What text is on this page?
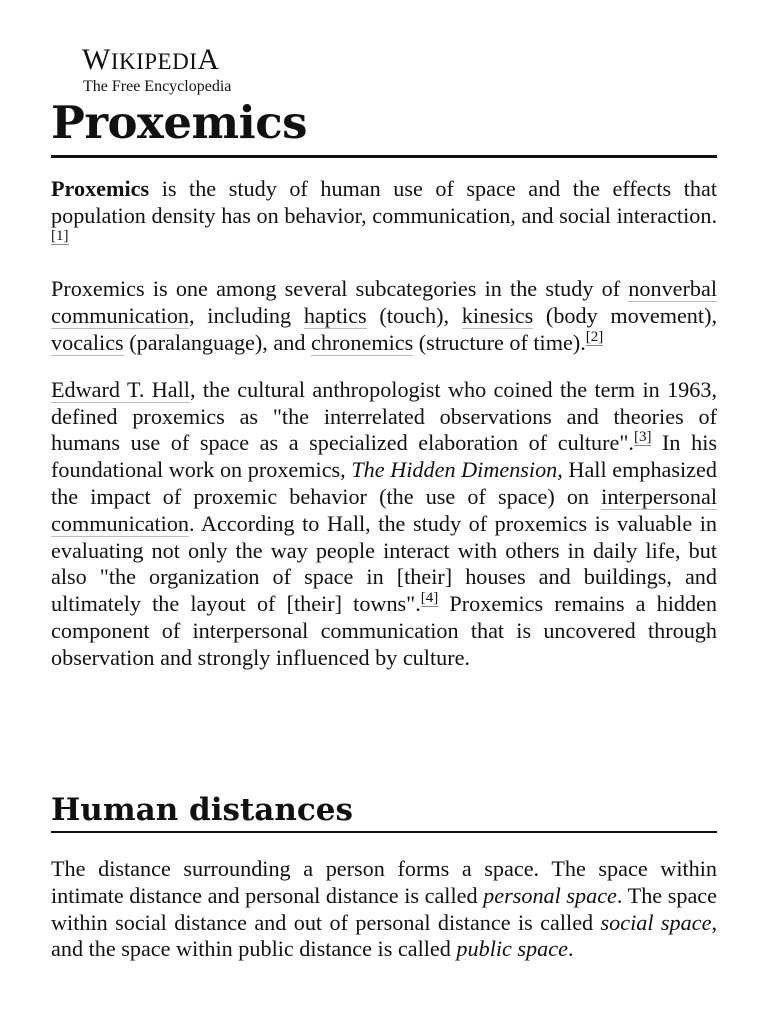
WIKIPEDIA
The Free Encyclopedia
Proxemics

Proxemics is the study of human use of space and the effects that population density has on behavior, communication, and social interaction.[1]

Proxemics is one among several subcategories in the study of nonverbal communication, including haptics (touch), kinesics (body movement), vocalics (paralanguage), and chronemics (structure of time).[2]

Edward T. Hall, the cultural anthropologist who coined the term in 1963, defined proxemics as "the interrelated observations and theories of humans use of space as a specialized elaboration of culture".[3] In his foundational work on proxemics, The Hidden Dimension, Hall emphasized the impact of proxemic behavior (the use of space) on interpersonal communication. According to Hall, the study of proxemics is valuable in evaluating not only the way people interact with others in daily life, but also "the organization of space in [their] houses and buildings, and ultimately the layout of [their] towns".[4] Proxemics remains a hidden component of interpersonal communication that is uncovered through observation and strongly influenced by culture.

Human distances

The distance surrounding a person forms a space. The space within intimate distance and personal distance is called personal space. The space within social distance and out of personal distance is called social space, and the space within public distance is called public space.
